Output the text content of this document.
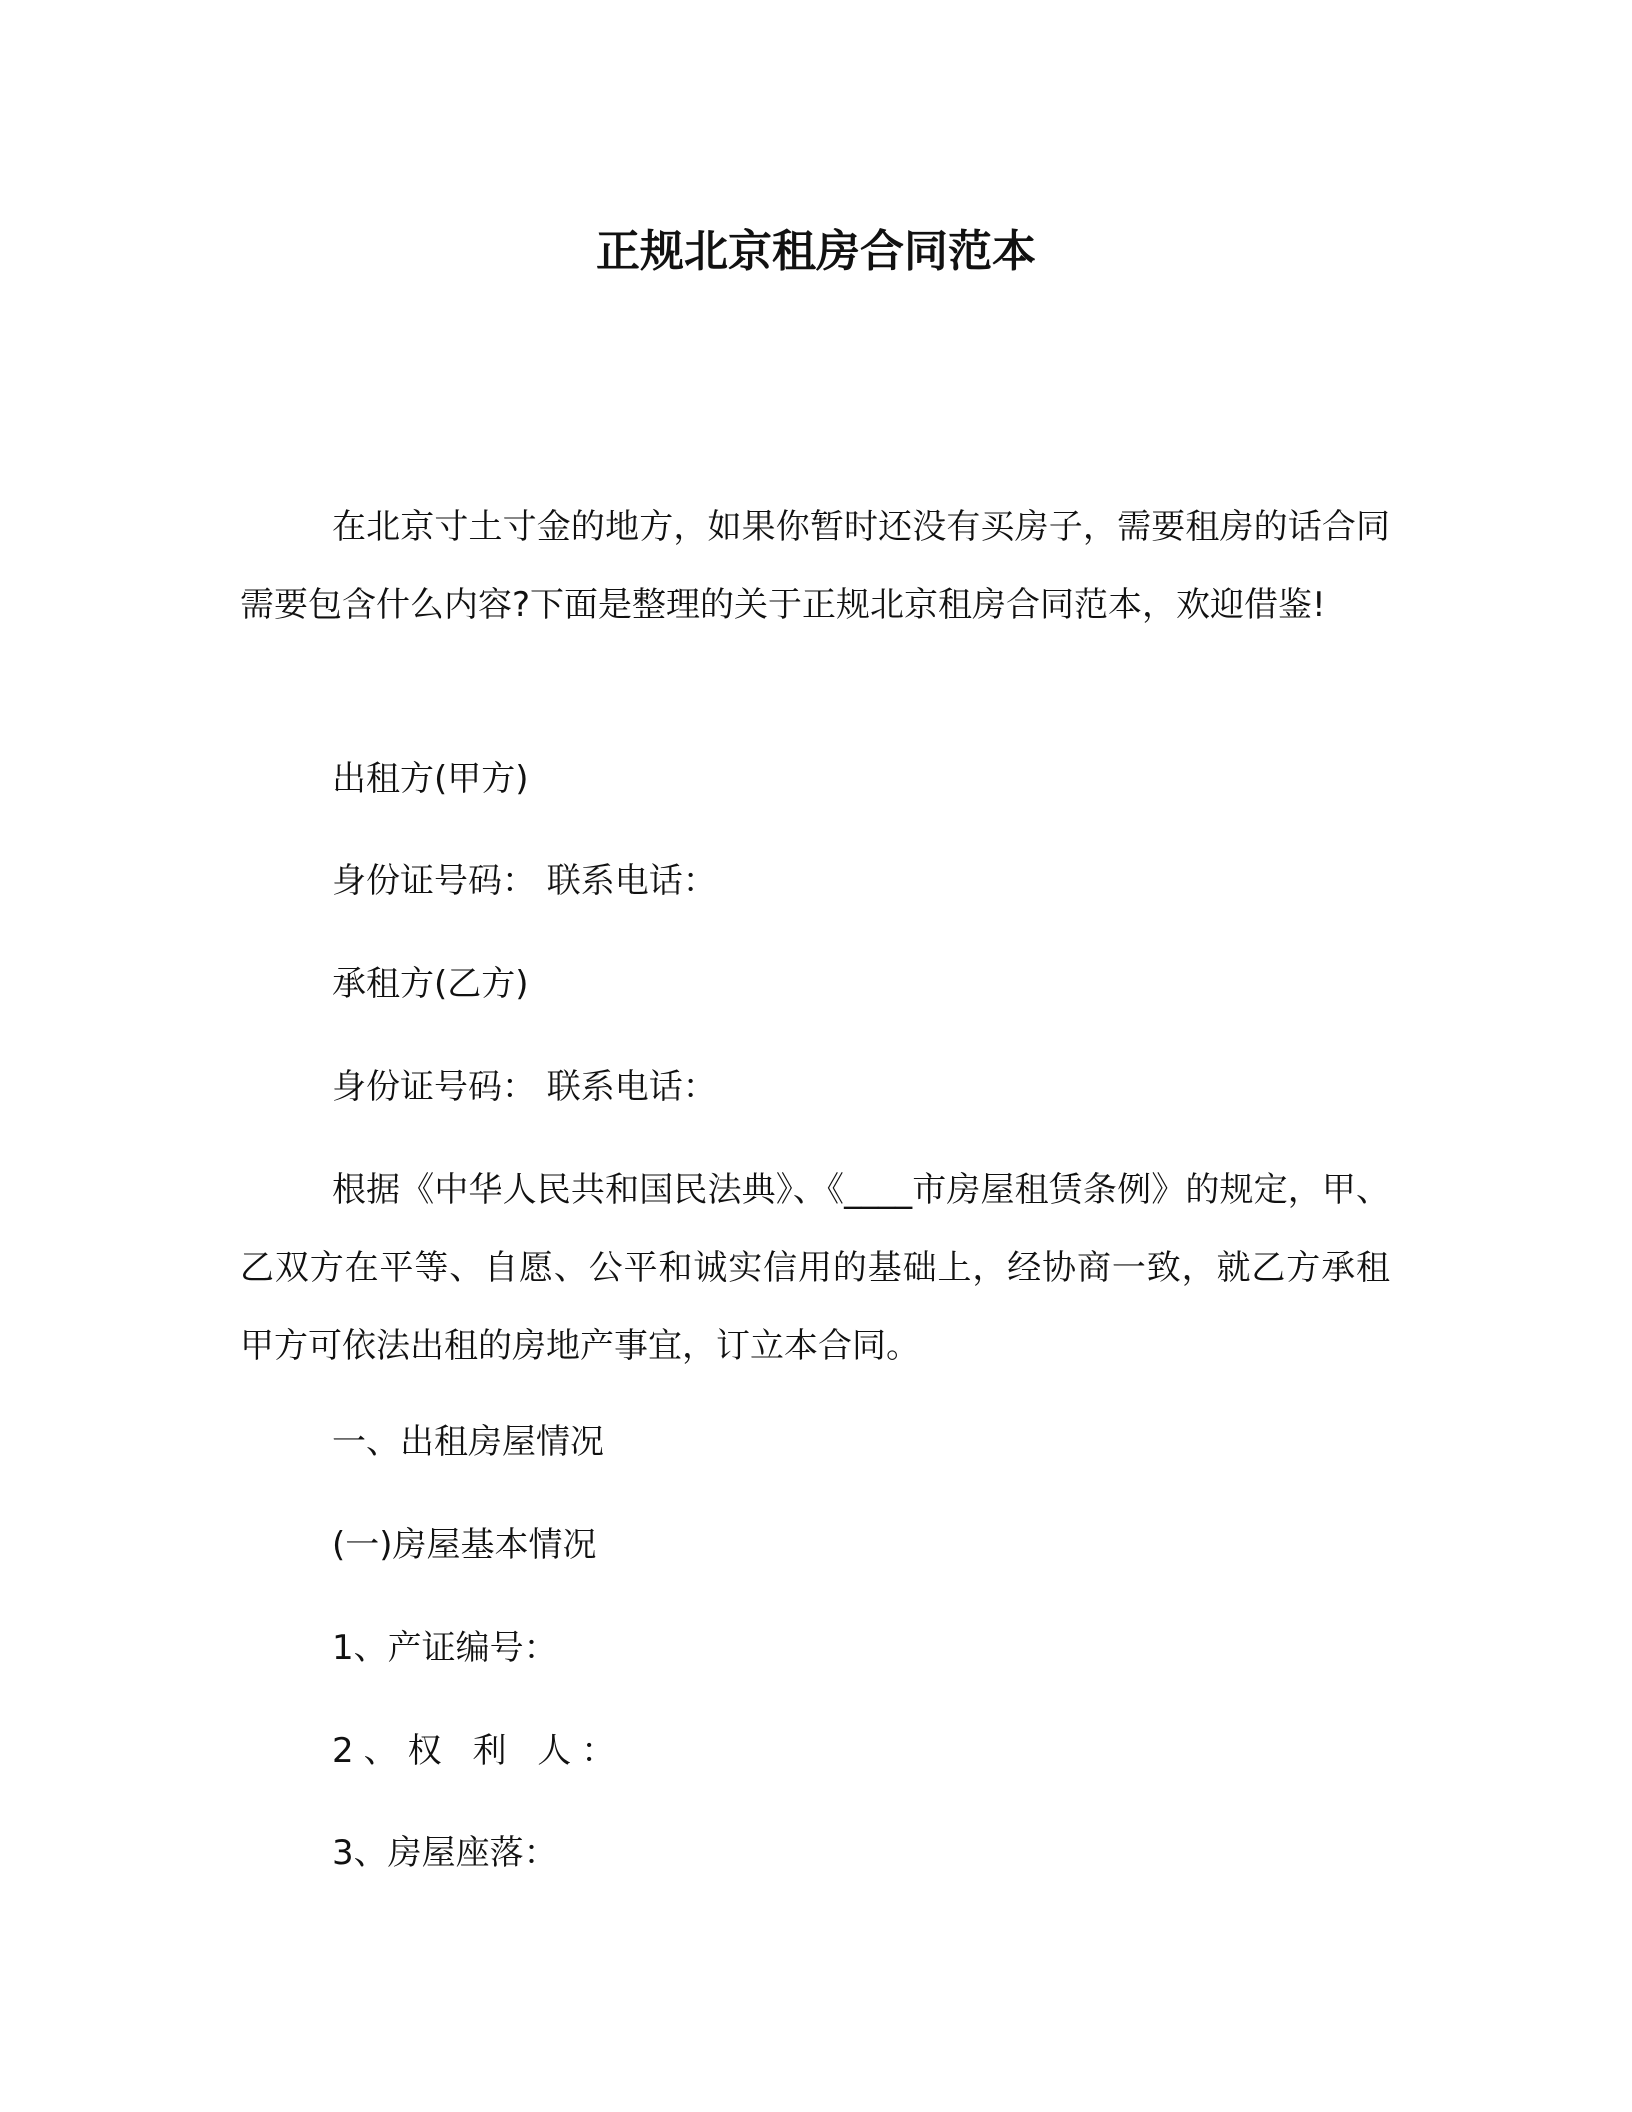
正规北京租房合同范本

在北京寸土寸金的地方，如果你暂时还没有买房子，需要租房的话合同需要包含什么内容?下面是整理的关于正规北京租房合同范本，欢迎借鉴!

出租方(甲方)

身份证号码： 联系电话：

承租方(乙方)

身份证号码： 联系电话：

根据《中华人民共和国民法典》、《____市房屋租赁条例》的规定，甲、乙双方在平等、自愿、公平和诚实信用的基础上，经协商一致，就乙方承租甲方可依法出租的房地产事宜，订立本合同。

一、出租房屋情况

(一)房屋基本情况

1、产证编号：

2、权 利 人：

3、房屋座落：
